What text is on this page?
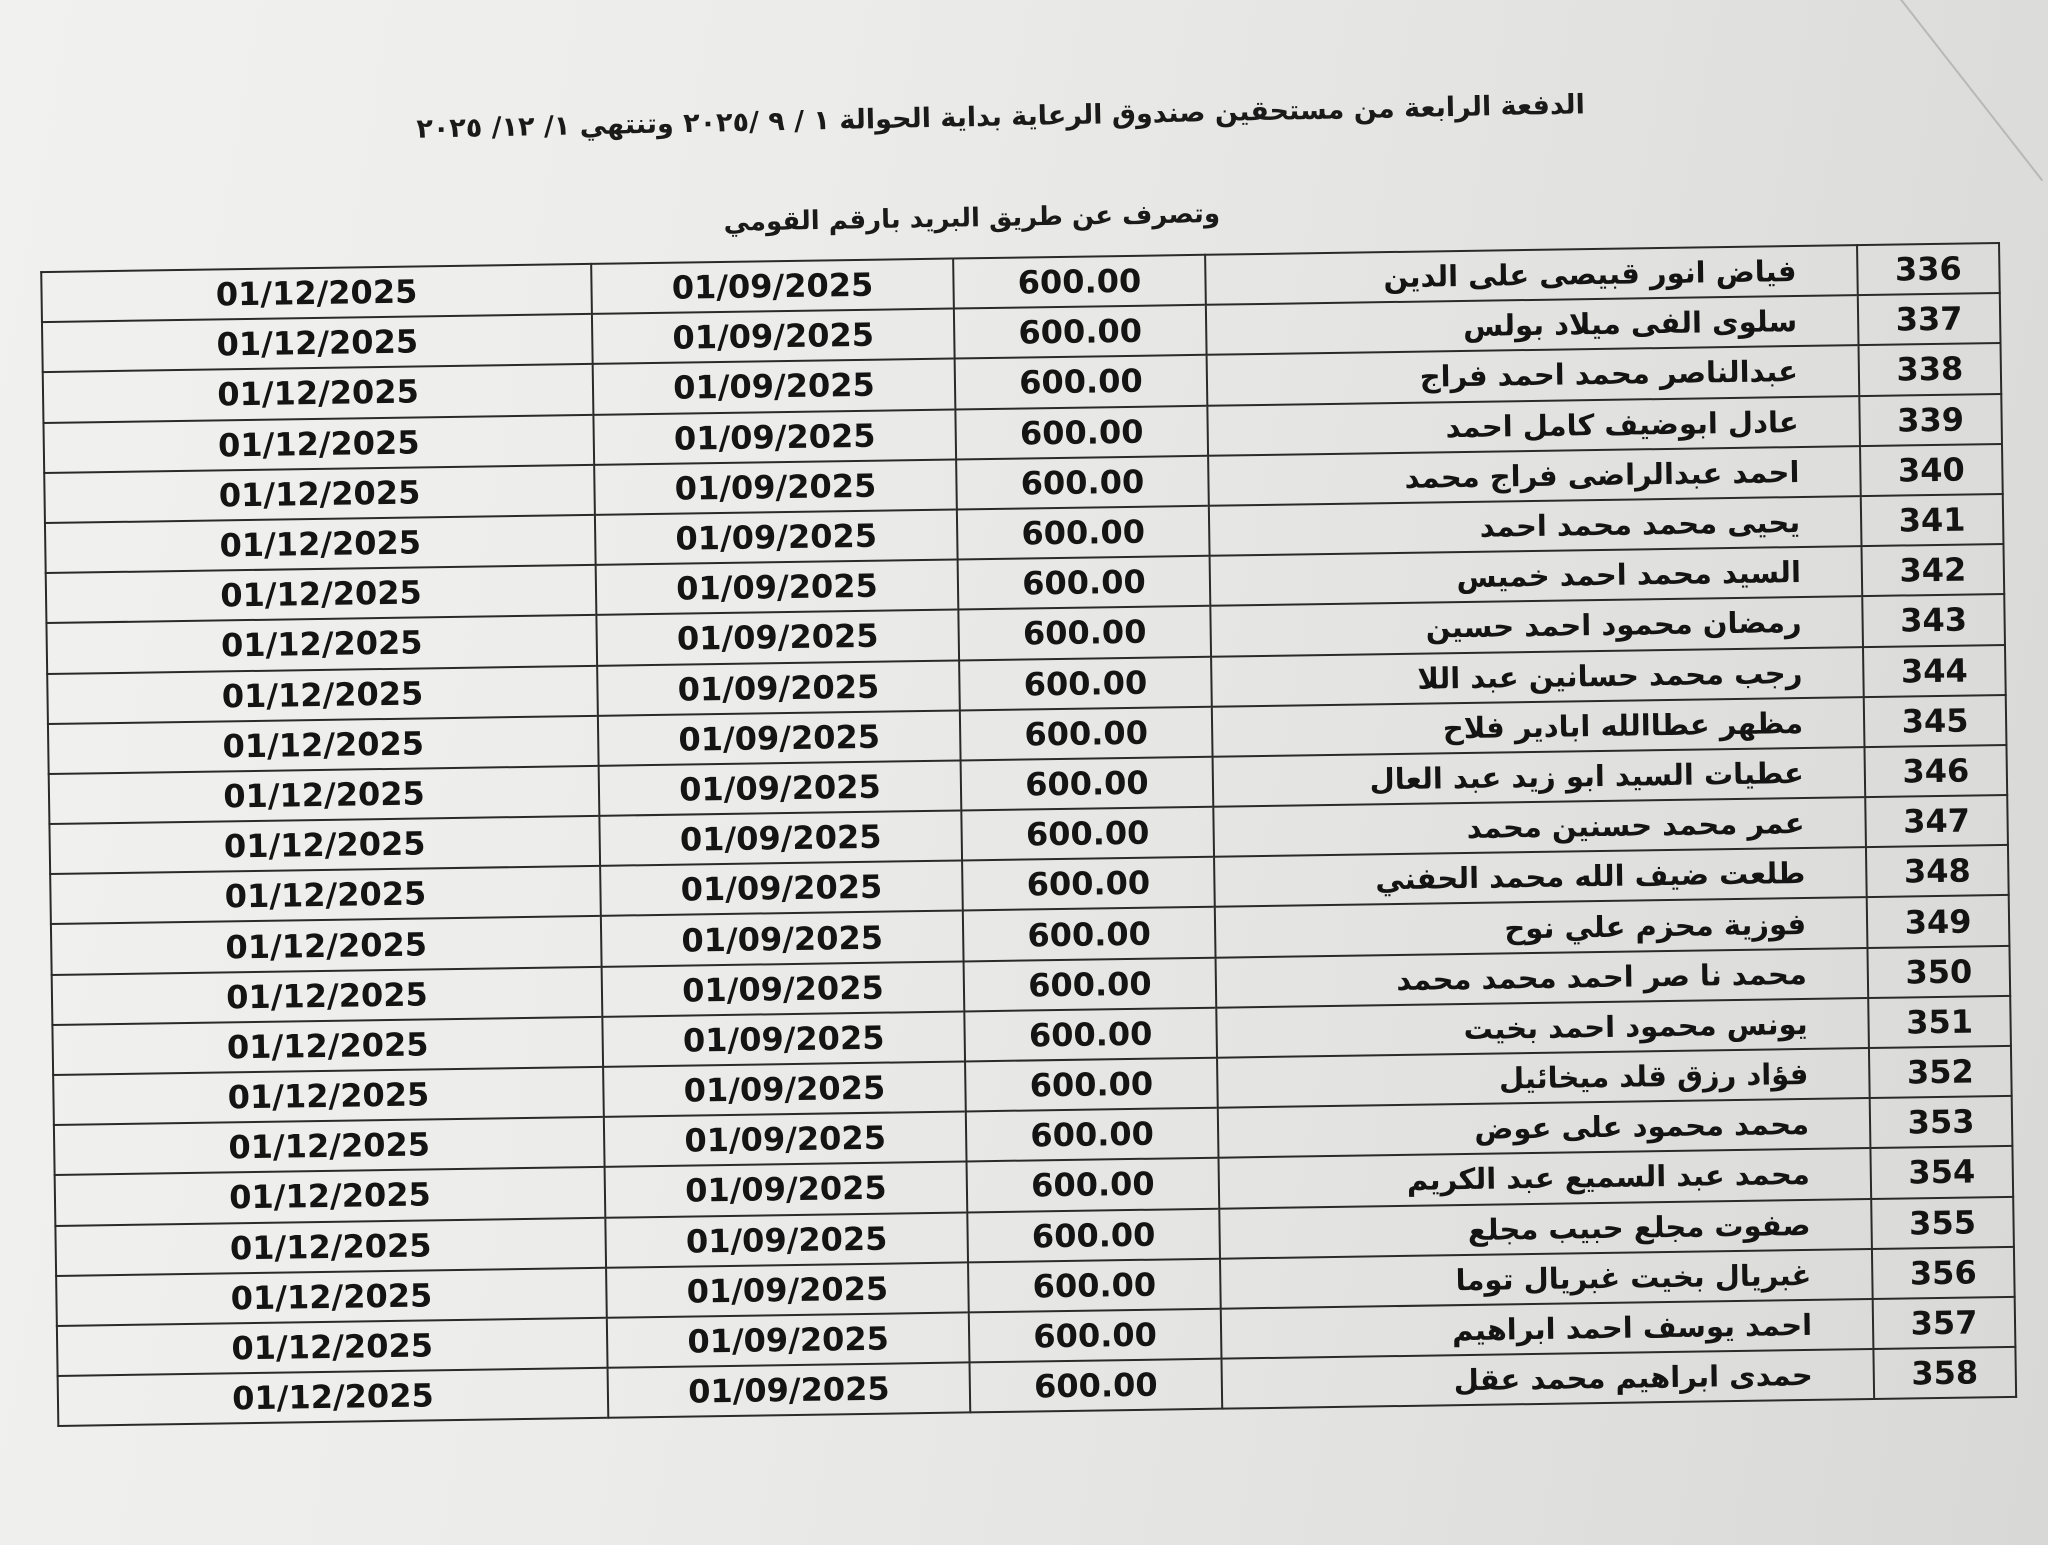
الدفعة الرابعة من مستحقين صندوق الرعاية بداية الحوالة ١ / ٩ /٢٠٢٥ وتنتهي ١/ ١٢/ ٢٠٢٥
وتصرف عن طريق البريد بارقم القومي
336	فياض انور قبيصى على الدين	600.00	01/09/2025	01/12/2025
337	سلوى الفى ميلاد بولس	600.00	01/09/2025	01/12/2025
338	عبدالناصر محمد احمد فراج	600.00	01/09/2025	01/12/2025
339	عادل ابوضيف كامل احمد	600.00	01/09/2025	01/12/2025
340	احمد عبدالراضى فراج محمد	600.00	01/09/2025	01/12/2025
341	يحيى محمد محمد احمد	600.00	01/09/2025	01/12/2025
342	السيد محمد احمد خميس	600.00	01/09/2025	01/12/2025
343	رمضان محمود احمد حسين	600.00	01/09/2025	01/12/2025
344	رجب محمد حسانين عبد اللا	600.00	01/09/2025	01/12/2025
345	مظهر عطاالله ابادير فلاح	600.00	01/09/2025	01/12/2025
346	عطيات السيد ابو زيد عبد العال	600.00	01/09/2025	01/12/2025
347	عمر محمد حسنين محمد	600.00	01/09/2025	01/12/2025
348	طلعت ضيف الله محمد الحفني	600.00	01/09/2025	01/12/2025
349	فوزية محزم علي نوح	600.00	01/09/2025	01/12/2025
350	محمد نا صر احمد محمد محمد	600.00	01/09/2025	01/12/2025
351	يونس محمود احمد بخيت	600.00	01/09/2025	01/12/2025
352	فؤاد رزق قلد ميخائيل	600.00	01/09/2025	01/12/2025
353	محمد محمود على عوض	600.00	01/09/2025	01/12/2025
354	محمد عبد السميع عبد الكريم	600.00	01/09/2025	01/12/2025
355	صفوت مجلع حبيب مجلع	600.00	01/09/2025	01/12/2025
356	غبريال بخيت غبريال توما	600.00	01/09/2025	01/12/2025
357	احمد يوسف احمد ابراهيم	600.00	01/09/2025	01/12/2025
358	حمدى ابراهيم محمد عقل	600.00	01/09/2025	01/12/2025
